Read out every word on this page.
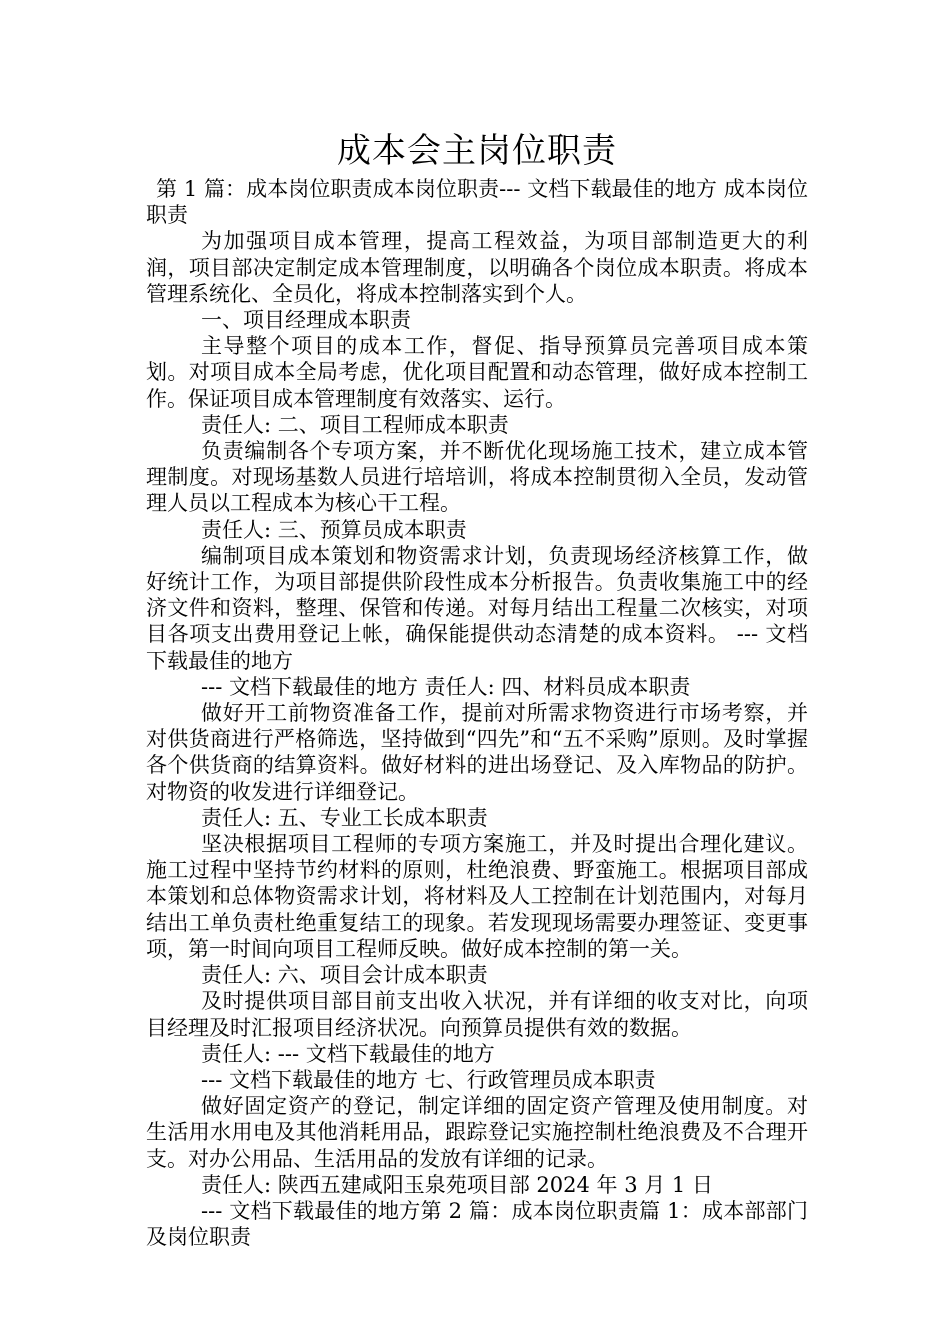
成本会主岗位职责

第 1 篇：成本岗位职责成本岗位职责--- 文档下载最佳的地方 成本岗位职责

为加强项目成本管理，提高工程效益，为项目部制造更大的利润，项目部决定制定成本管理制度，以明确各个岗位成本职责。将成本管理系统化、全员化，将成本控制落实到个人。

一、项目经理成本职责

主导整个项目的成本工作，督促、指导预算员完善项目成本策划。对项目成本全局考虑，优化项目配置和动态管理，做好成本控制工作。保证项目成本管理制度有效落实、运行。

责任人: 二、项目工程师成本职责

负责编制各个专项方案，并不断优化现场施工技术，建立成本管理制度。对现场基数人员进行培培训，将成本控制贯彻入全员，发动管理人员以工程成本为核心干工程。

责任人: 三、预算员成本职责

编制项目成本策划和物资需求计划，负责现场经济核算工作，做好统计工作，为项目部提供阶段性成本分析报告。负责收集施工中的经济文件和资料，整理、保管和传递。对每月结出工程量二次核实，对项目各项支出费用登记上帐，确保能提供动态清楚的成本资料。 --- 文档下载最佳的地方

--- 文档下载最佳的地方 责任人: 四、材料员成本职责

做好开工前物资准备工作，提前对所需求物资进行市场考察，并对供货商进行严格筛选，坚持做到“四先”和“五不采购”原则。及时掌握各个供货商的结算资料。做好材料的进出场登记、及入库物品的防护。对物资的收发进行详细登记。

责任人: 五、专业工长成本职责

坚决根据项目工程师的专项方案施工，并及时提出合理化建议。施工过程中坚持节约材料的原则，杜绝浪费、野蛮施工。根据项目部成本策划和总体物资需求计划，将材料及人工控制在计划范围内，对每月结出工单负责杜绝重复结工的现象。若发现现场需要办理签证、变更事项，第一时间向项目工程师反映。做好成本控制的第一关。

责任人: 六、项目会计成本职责

及时提供项目部目前支出收入状况，并有详细的收支对比，向项目经理及时汇报项目经济状况。向预算员提供有效的数据。

责任人: --- 文档下载最佳的地方

--- 文档下载最佳的地方 七、行政管理员成本职责

做好固定资产的登记，制定详细的固定资产管理及使用制度。对生活用水用电及其他消耗用品，跟踪登记实施控制杜绝浪费及不合理开支。对办公用品、生活用品的发放有详细的记录。

责任人: 陕西五建咸阳玉泉苑项目部 2024 年 3 月 1 日

--- 文档下载最佳的地方第 2 篇：成本岗位职责篇 1：成本部部门及岗位职责
